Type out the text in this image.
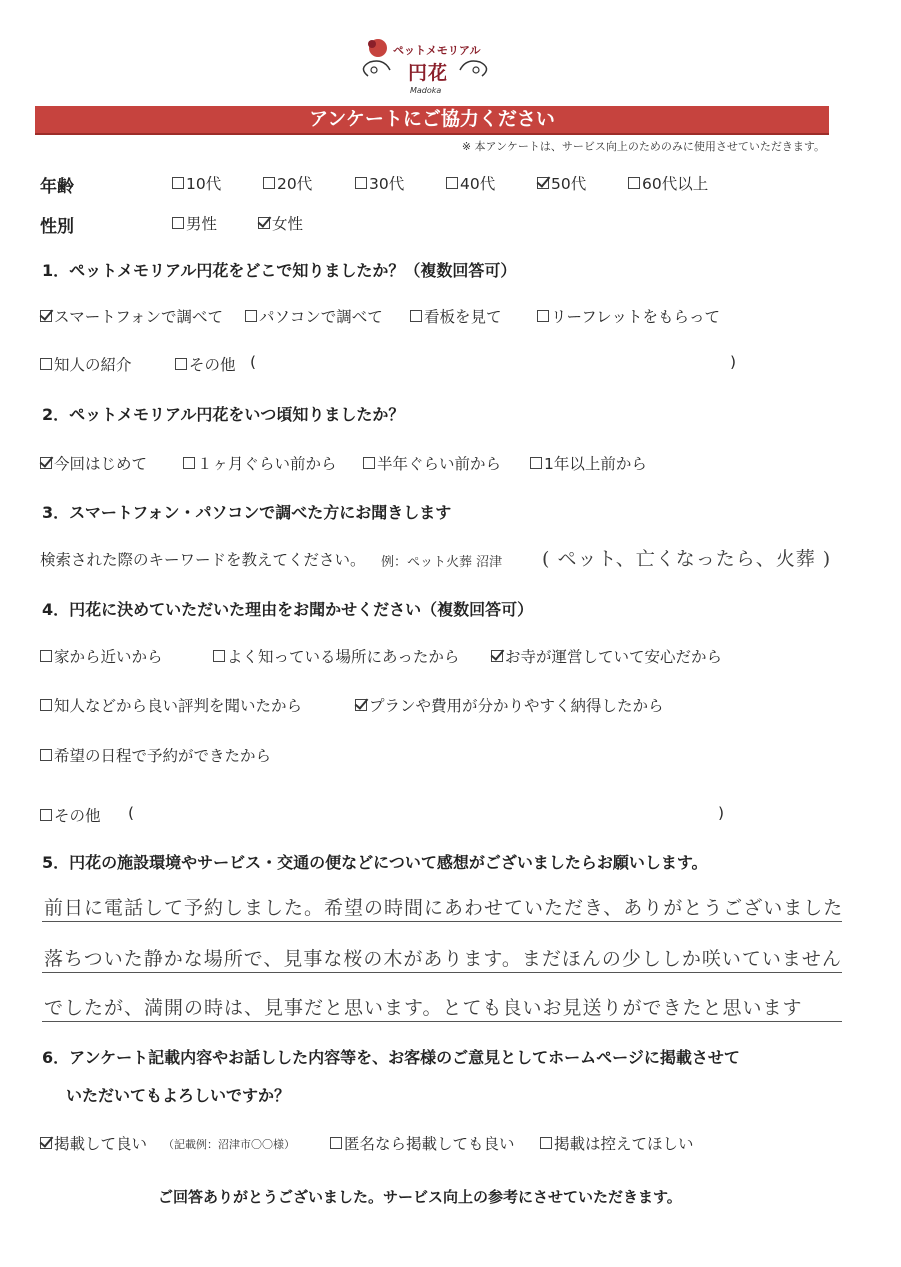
ペットメモリアル
円花
Madoka
アンケートにご協力ください
※ 本アンケートは、サービス向上のためのみに使用させていただきます。
年齢	10代	20代	30代	40代	50代	60代以上
性別	男性	女性
1．ペットメモリアル円花をどこで知りましたか？（複数回答可）
スマートフォンで調べて パソコンで調べて	看板を見て	リーフレットをもらって
知人の紹介	その他 (	)
2．ペットメモリアル円花をいつ頃知りましたか？
今回はじめて	１ヶ月ぐらい前から	半年ぐらい前から	1年以上前から
3．スマートフォン・パソコンで調べた方にお聞きします
検索された際のキーワードを教えてください。 例：ペット火葬 沼津 ( ペット、亡くなったら、火葬 )
4．円花に決めていただいた理由をお聞かせください（複数回答可）
家から近いから	よく知っている場所にあったから	お寺が運営していて安心だから
知人などから良い評判を聞いたから	プランや費用が分かりやすく納得したから
希望の日程で予約ができたから
その他 (	)
5．円花の施設環境やサービス・交通の便などについて感想がございましたらお願いします。
前日に電話して予約しました。希望の時間にあわせていただき、ありがとうございました
落ちついた静かな場所で、見事な桜の木があります。まだほんの少ししか咲いていません
でしたが、満開の時は、見事だと思います。とても良いお見送りができたと思います
6．アンケート記載内容やお話しした内容等を、お客様のご意見としてホームページに掲載させて
いただいてもよろしいですか？
掲載して良い （記載例：沼津市〇〇様）	匿名なら掲載しても良い	掲載は控えてほしい
ご回答ありがとうございました。サービス向上の参考にさせていただきます。
